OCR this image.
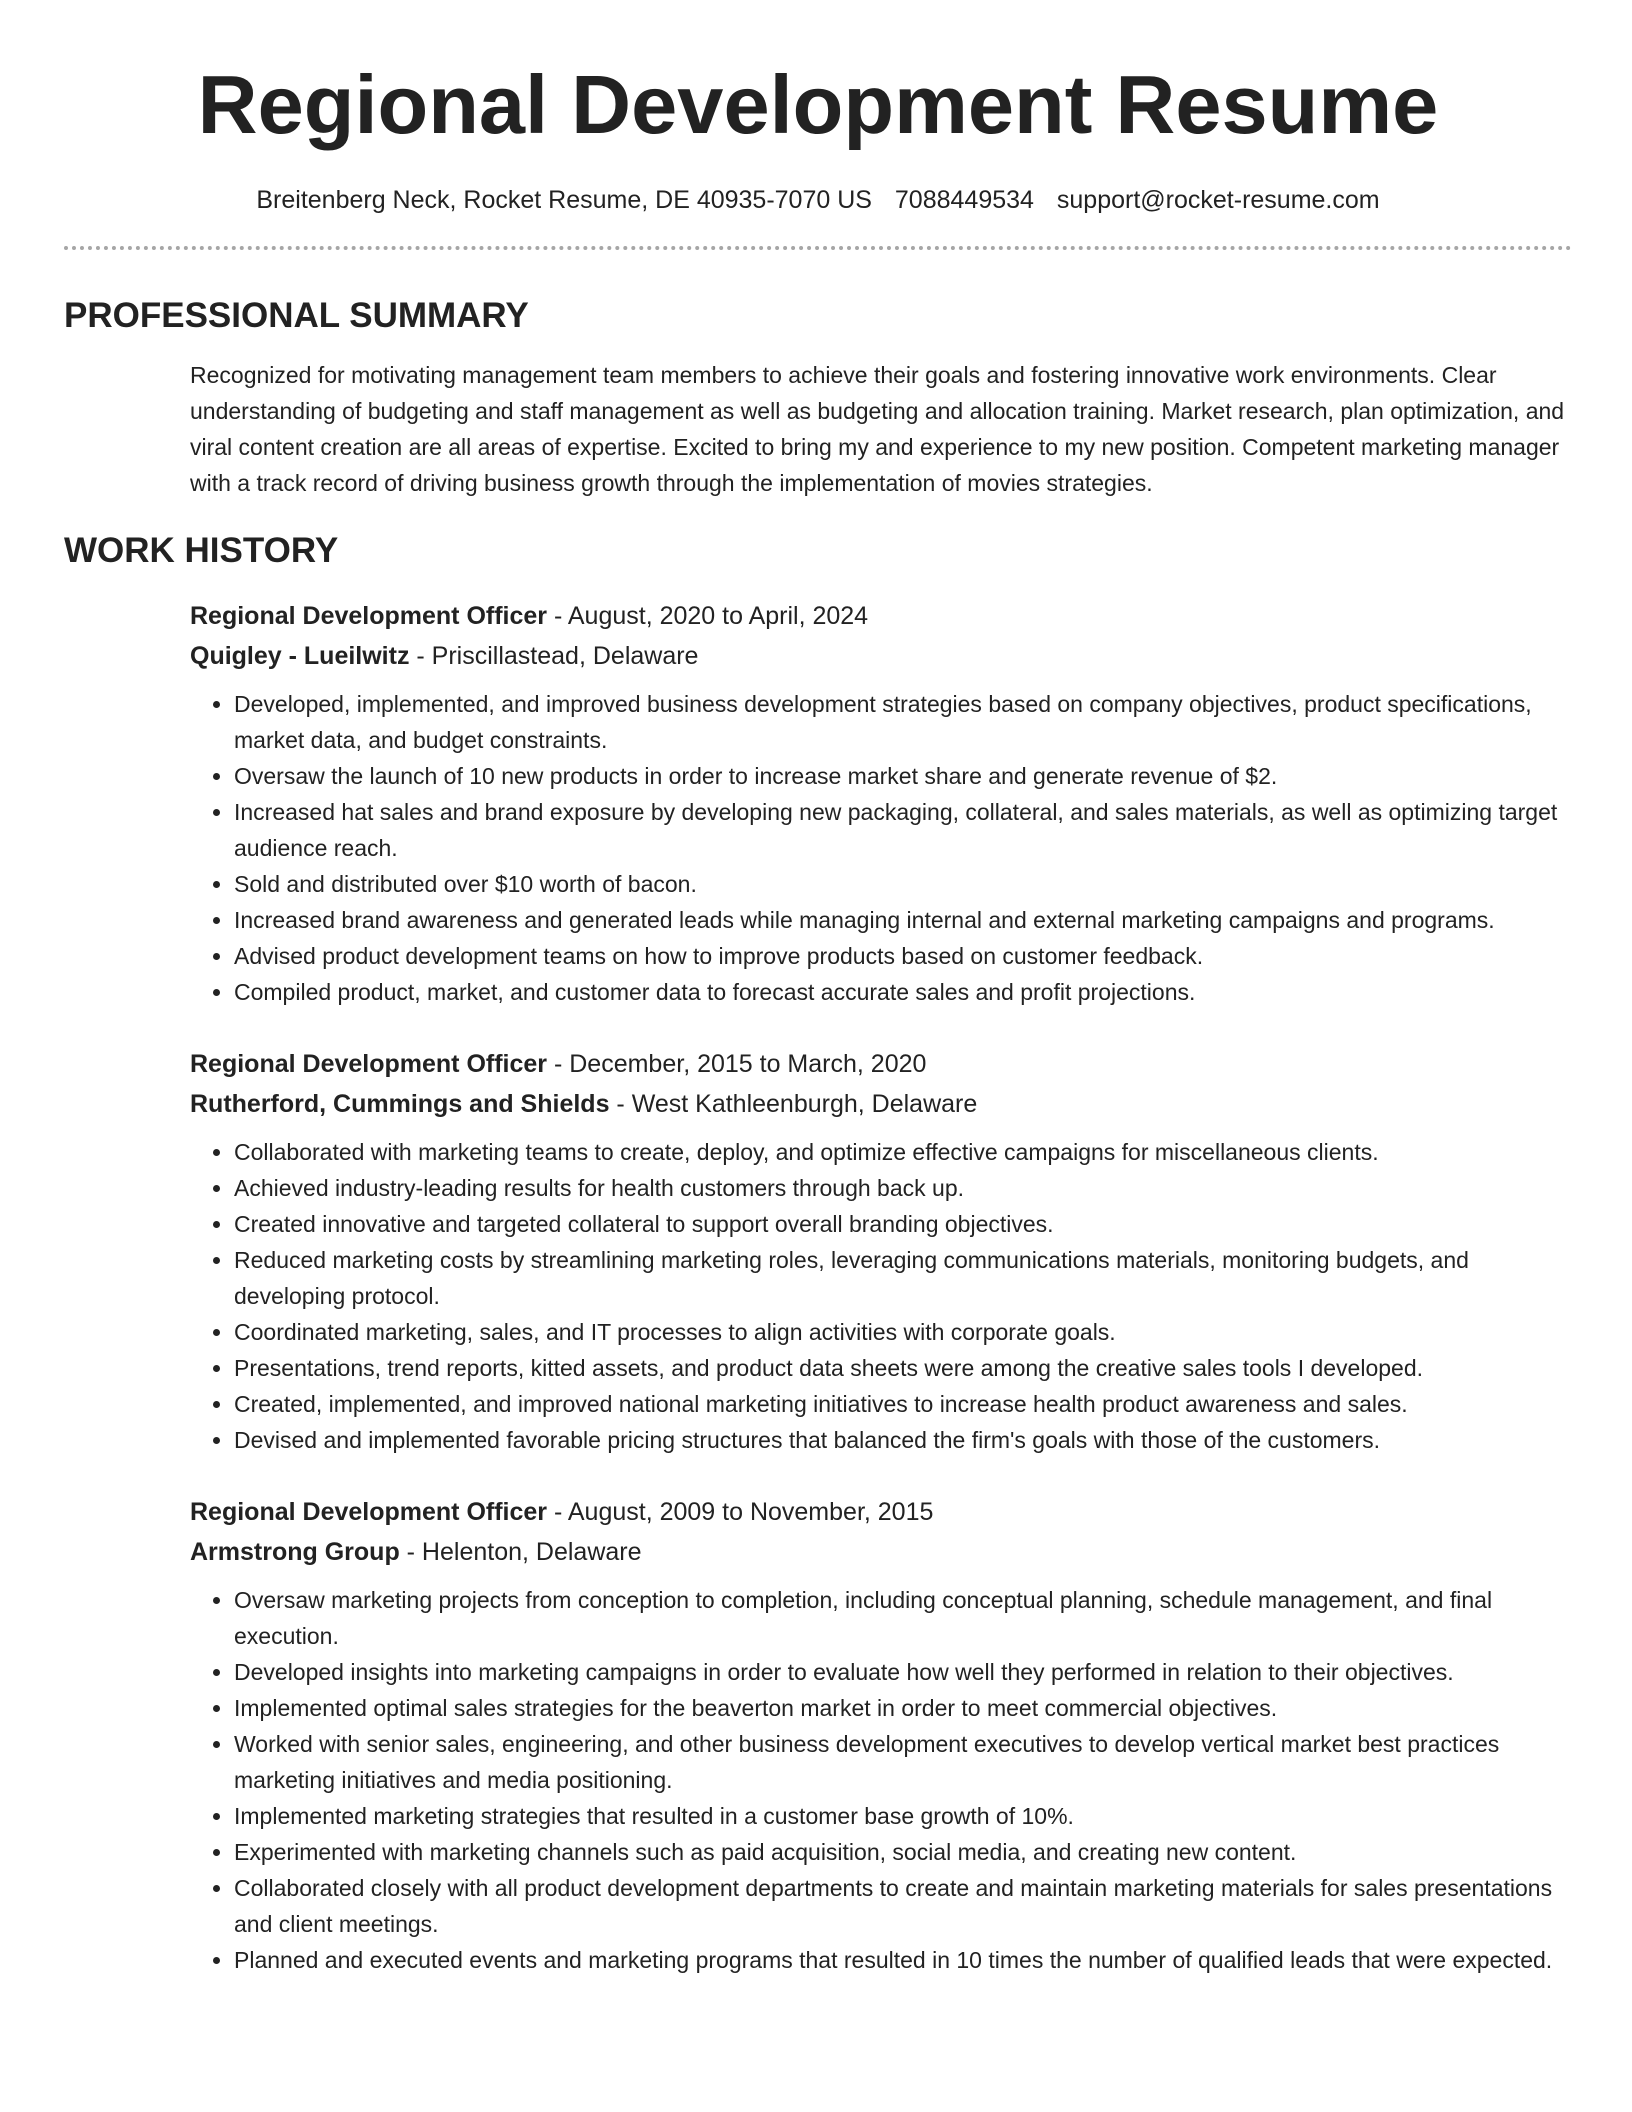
Regional Development Resume
Breitenberg Neck, Rocket Resume, DE 40935-7070 US 7088449534 support@rocket-resume.com
PROFESSIONAL SUMMARY

Recognized for motivating management team members to achieve their goals and fostering innovative work environments. Clear understanding of budgeting and staff management as well as budgeting and allocation training. Market research, plan optimization, and viral content creation are all areas of expertise. Excited to bring my and experience to my new position. Competent marketing manager with a track record of driving business growth through the implementation of movies strategies.

WORK HISTORY
Regional Development Officer - August, 2020 to April, 2024
Quigley - Lueilwitz - Priscillastead, Delaware
• Developed, implemented, and improved business development strategies based on company objectives, product specifications, market data, and budget constraints.
• Oversaw the launch of 10 new products in order to increase market share and generate revenue of $2.
• Increased hat sales and brand exposure by developing new packaging, collateral, and sales materials, as well as optimizing target audience reach.
• Sold and distributed over $10 worth of bacon.
• Increased brand awareness and generated leads while managing internal and external marketing campaigns and programs.
• Advised product development teams on how to improve products based on customer feedback.
• Compiled product, market, and customer data to forecast accurate sales and profit projections.
Regional Development Officer - December, 2015 to March, 2020
Rutherford, Cummings and Shields - West Kathleenburgh, Delaware
• Collaborated with marketing teams to create, deploy, and optimize effective campaigns for miscellaneous clients.
• Achieved industry-leading results for health customers through back up.
• Created innovative and targeted collateral to support overall branding objectives.
• Reduced marketing costs by streamlining marketing roles, leveraging communications materials, monitoring budgets, and developing protocol.
• Coordinated marketing, sales, and IT processes to align activities with corporate goals.
• Presentations, trend reports, kitted assets, and product data sheets were among the creative sales tools I developed.
• Created, implemented, and improved national marketing initiatives to increase health product awareness and sales.
• Devised and implemented favorable pricing structures that balanced the firm's goals with those of the customers.
Regional Development Officer - August, 2009 to November, 2015
Armstrong Group - Helenton, Delaware
• Oversaw marketing projects from conception to completion, including conceptual planning, schedule management, and final execution.
• Developed insights into marketing campaigns in order to evaluate how well they performed in relation to their objectives.
• Implemented optimal sales strategies for the beaverton market in order to meet commercial objectives.
• Worked with senior sales, engineering, and other business development executives to develop vertical market best practices marketing initiatives and media positioning.
• Implemented marketing strategies that resulted in a customer base growth of 10%.
• Experimented with marketing channels such as paid acquisition, social media, and creating new content.
• Collaborated closely with all product development departments to create and maintain marketing materials for sales presentations and client meetings.
• Planned and executed events and marketing programs that resulted in 10 times the number of qualified leads that were expected.
